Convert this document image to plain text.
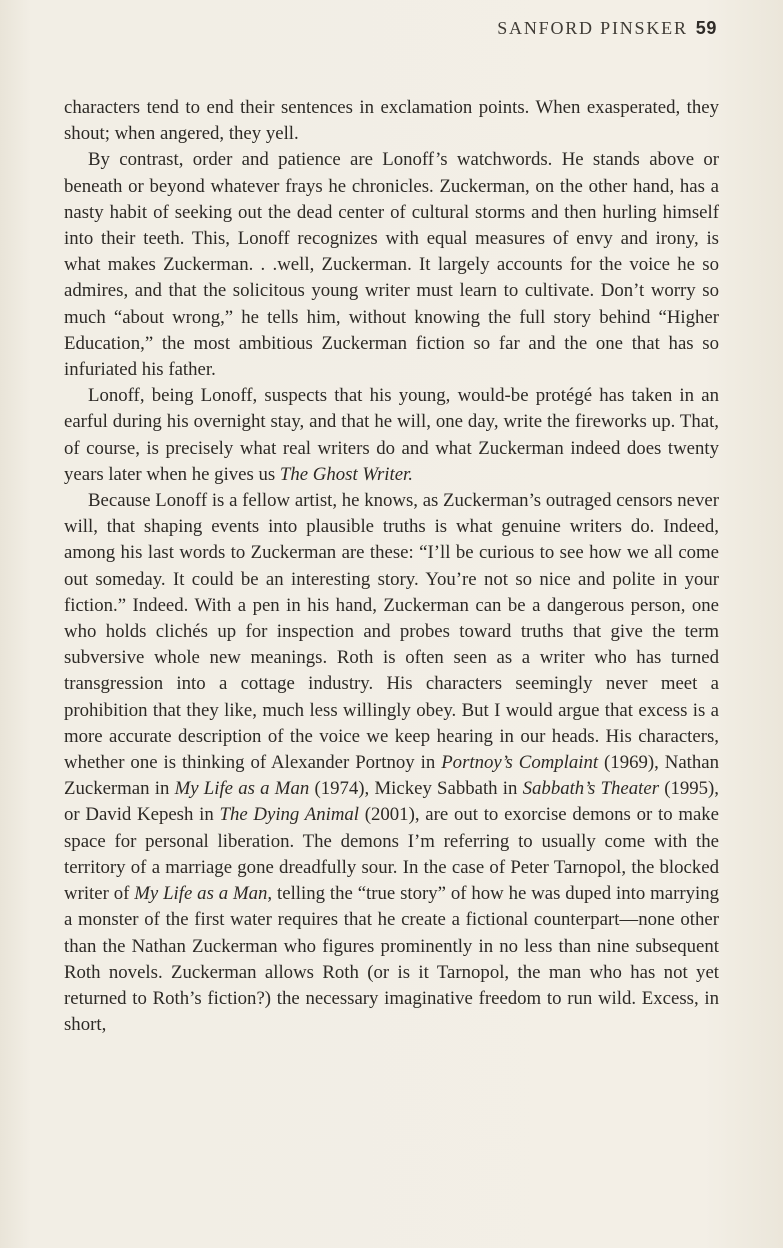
SANFORD PINSKER 59

characters tend to end their sentences in exclamation points. When exasperated, they shout; when angered, they yell.

By contrast, order and patience are Lonoff’s watchwords. He stands above or beneath or beyond whatever frays he chronicles. Zuckerman, on the other hand, has a nasty habit of seeking out the dead center of cultural storms and then hurling himself into their teeth. This, Lonoff recognizes with equal measures of envy and irony, is what makes Zuckerman. . .well, Zuckerman. It largely accounts for the voice he so admires, and that the solicitous young writer must learn to cultivate. Don’t worry so much “about wrong,” he tells him, without knowing the full story behind “Higher Education,” the most ambitious Zuckerman fiction so far and the one that has so infuriated his father.

Lonoff, being Lonoff, suspects that his young, would-be protégé has taken in an earful during his overnight stay, and that he will, one day, write the fireworks up. That, of course, is precisely what real writers do and what Zuckerman indeed does twenty years later when he gives us The Ghost Writer.

Because Lonoff is a fellow artist, he knows, as Zuckerman’s outraged censors never will, that shaping events into plausible truths is what genuine writers do. Indeed, among his last words to Zuckerman are these: “I’ll be curious to see how we all come out someday. It could be an interesting story. You’re not so nice and polite in your fiction.” Indeed. With a pen in his hand, Zuckerman can be a dangerous person, one who holds clichés up for inspection and probes toward truths that give the term subversive whole new meanings. Roth is often seen as a writer who has turned transgression into a cottage industry. His characters seemingly never meet a prohibition that they like, much less willingly obey. But I would argue that excess is a more accurate description of the voice we keep hearing in our heads. His characters, whether one is thinking of Alexander Portnoy in Portnoy’s Complaint (1969), Nathan Zuckerman in My Life as a Man (1974), Mickey Sabbath in Sabbath’s Theater (1995), or David Kepesh in The Dying Animal (2001), are out to exorcise demons or to make space for personal liberation. The demons I’m referring to usually come with the territory of a marriage gone dreadfully sour. In the case of Peter Tarnopol, the blocked writer of My Life as a Man, telling the “true story” of how he was duped into marrying a monster of the first water requires that he create a fictional counterpart—none other than the Nathan Zuckerman who figures prominently in no less than nine subsequent Roth novels. Zuckerman allows Roth (or is it Tarnopol, the man who has not yet returned to Roth’s fiction?) the necessary imaginative freedom to run wild. Excess, in short,
